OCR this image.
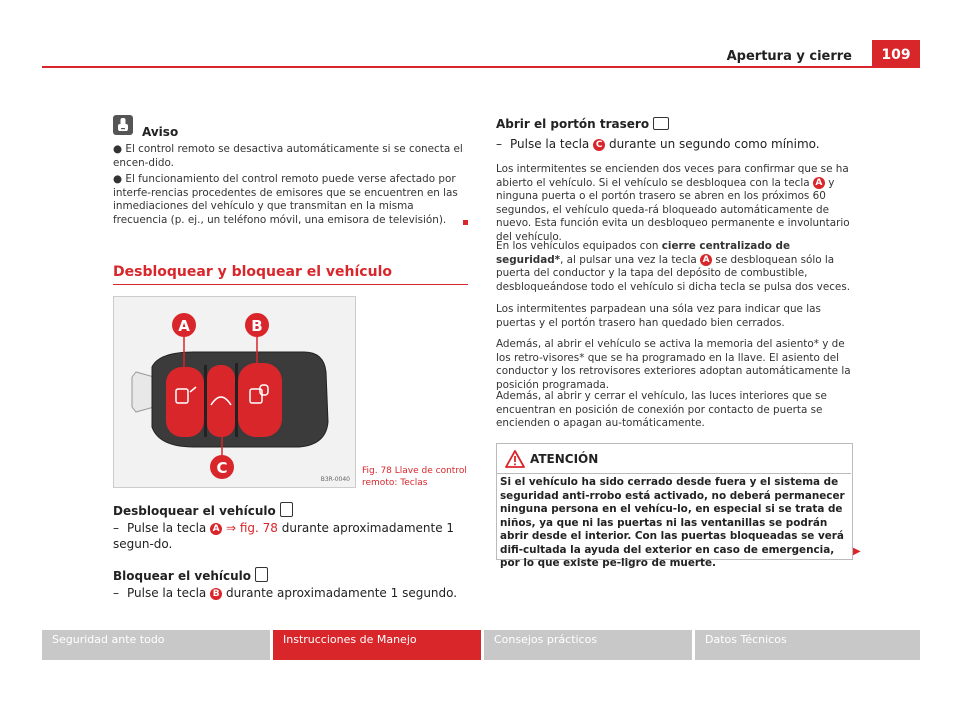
Apertura y cierre	109
Aviso
● El control remoto se desactiva automáticamente si se conecta el encen-dido.
● El funcionamiento del control remoto puede verse afectado por interfe-rencias procedentes de emisores que se encuentren en las inmediaciones del vehículo y que transmitan en la misma frecuencia (p. ej., un teléfono móvil, una emisora de televisión).
Desbloquear y bloquear el vehículo
A	B
C
B3R-0040
Fig. 78 Llave de control remoto: Teclas
Desbloquear el vehículo
– Pulse la tecla A ⇒ fig. 78 durante aproximadamente 1 segun-do.
Bloquear el vehículo
– Pulse la tecla B durante aproximadamente 1 segundo.
Abrir el portón trasero
– Pulse la tecla C durante un segundo como mínimo.
Los intermitentes se encienden dos veces para confirmar que se ha abierto el vehículo. Si el vehículo se desbloquea con la tecla A y ninguna puerta o el portón trasero se abren en los próximos 60 segundos, el vehículo queda-rá bloqueado automáticamente de nuevo. Esta función evita un desbloqueo permanente e involuntario del vehículo.
En los vehículos equipados con cierre centralizado de seguridad*, al pulsar una vez la tecla A se desbloquean sólo la puerta del conductor y la tapa del depósito de combustible, desbloqueándose todo el vehículo si dicha tecla se pulsa dos veces.
Los intermitentes parpadean una sóla vez para indicar que las puertas y el portón trasero han quedado bien cerrados.
Además, al abrir el vehículo se activa la memoria del asiento* y de los retro-visores* que se ha programado en la llave. El asiento del conductor y los retrovisores exteriores adoptan automáticamente la posición programada.
Además, al abrir y cerrar el vehículo, las luces interiores que se encuentran en posición de conexión por contacto de puerta se encienden o apagan au-tomáticamente.
ATENCIÓN
Si el vehículo ha sido cerrado desde fuera y el sistema de seguridad anti-rrobo está activado, no deberá permanecer ninguna persona en el vehícu-lo, en especial si se trata de niños, ya que ni las puertas ni las ventanillas se podrán abrir desde el interior. Con las puertas bloqueadas se verá difi-cultada la ayuda del exterior en caso de emergencia, por lo que existe pe-ligro de muerte.
▶
Seguridad ante todo	Instrucciones de Manejo	Consejos prácticos	Datos Técnicos
